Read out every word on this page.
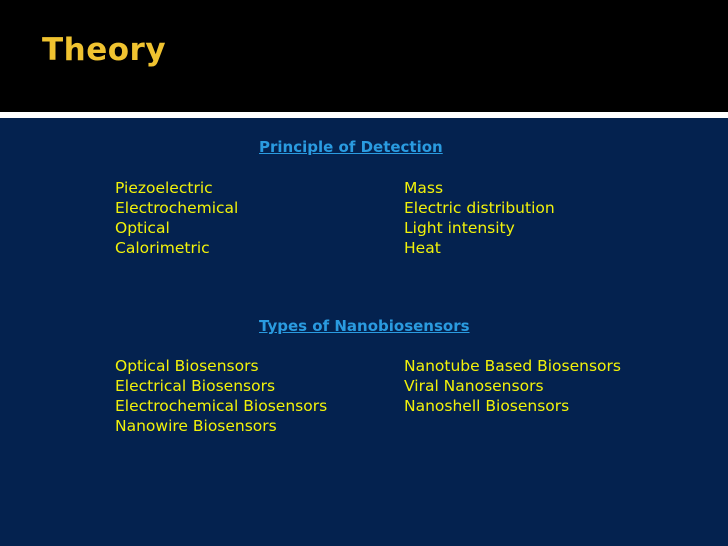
Theory
Principle of Detection
Piezoelectric
Electrochemical
Optical
Calorimetric
Mass
Electric distribution
Light intensity
Heat
Types of Nanobiosensors
Optical Biosensors
Electrical Biosensors
Electrochemical Biosensors
Nanowire Biosensors
Nanotube Based Biosensors
Viral Nanosensors
Nanoshell Biosensors
